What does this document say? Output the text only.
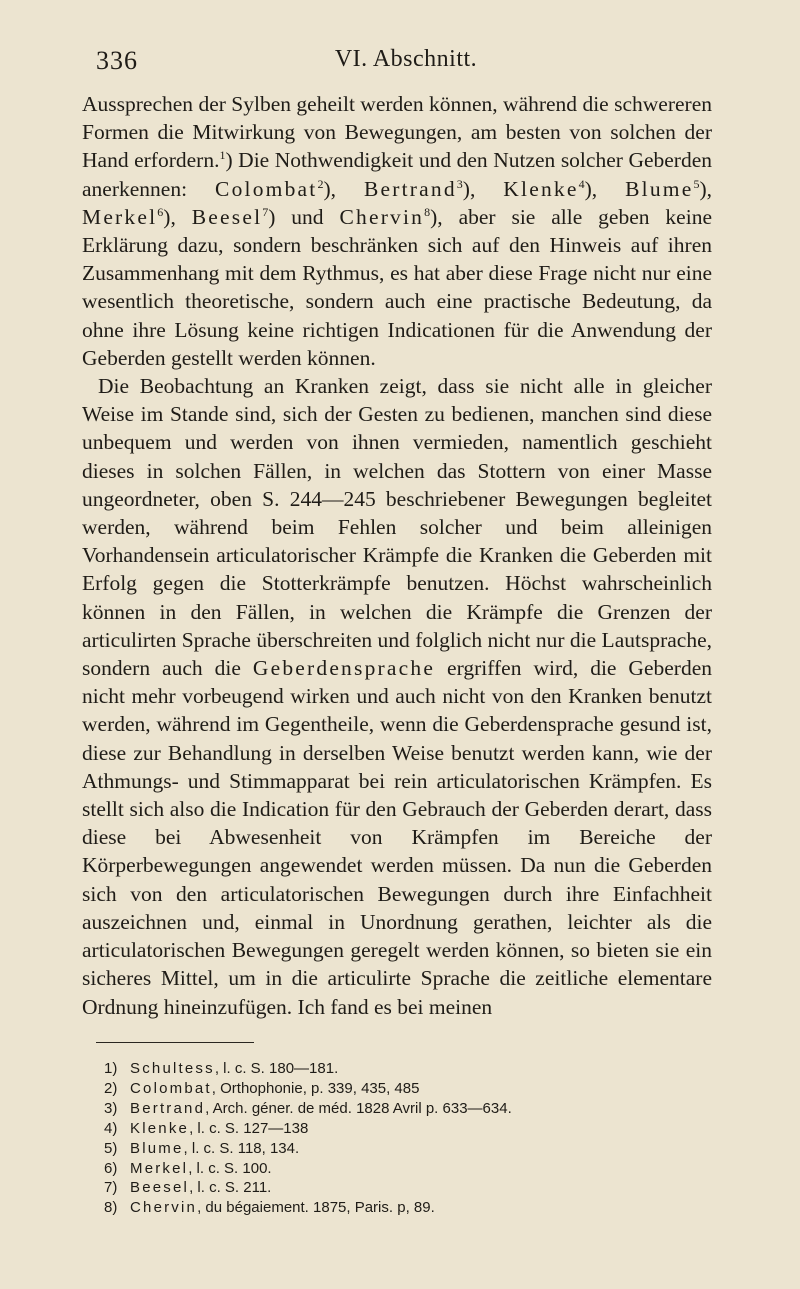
336	VI. Abschnitt.

Aussprechen der Sylben geheilt werden können, während die schwereren Formen die Mitwirkung von Bewegungen, am besten von solchen der Hand erfordern.$^1$) Die Nothwendigkeit und den Nutzen solcher Geberden anerkennen: Colombat$^2$), Bertrand$^3$), Klenke$^4$), Blume$^5$), Merkel$^6$), Beesel$^7$) und Chervin$^8$), aber sie alle geben keine Erklärung dazu, sondern beschränken sich auf den Hinweis auf ihren Zusammenhang mit dem Rythmus, es hat aber diese Frage nicht nur eine wesentlich theoretische, sondern auch eine practische Bedeutung, da ohne ihre Lösung keine richtigen Indicationen für die Anwendung der Geberden gestellt werden können.

Die Beobachtung an Kranken zeigt, dass sie nicht alle in gleicher Weise im Stande sind, sich der Gesten zu bedienen, manchen sind diese unbequem und werden von ihnen vermieden, namentlich geschieht dieses in solchen Fällen, in welchen das Stottern von einer Masse ungeordneter, oben S. 244—245 beschriebener Bewegungen begleitet werden, während beim Fehlen solcher und beim alleinigen Vorhandensein articulatorischer Krämpfe die Kranken die Geberden mit Erfolg gegen die Stotterkrämpfe benutzen. Höchst wahrscheinlich können in den Fällen, in welchen die Krämpfe die Grenzen der articulirten Sprache überschreiten und folglich nicht nur die Lautsprache, sondern auch die Geberdensprache ergriffen wird, die Geberden nicht mehr vorbeugend wirken und auch nicht von den Kranken benutzt werden, während im Gegentheile, wenn die Geberdensprache gesund ist, diese zur Behandlung in derselben Weise benutzt werden kann, wie der Athmungs- und Stimmapparat bei rein articulatorischen Krämpfen. Es stellt sich also die Indication für den Gebrauch der Geberden derart, dass diese bei Abwesenheit von Krämpfen im Bereiche der Körperbewegungen angewendet werden müssen. Da nun die Geberden sich von den articulatorischen Bewegungen durch ihre Einfachheit auszeichnen und, einmal in Unordnung gerathen, leichter als die articulatorischen Bewegungen geregelt werden können, so bieten sie ein sicheres Mittel, um in die articulirte Sprache die zeitliche elementare Ordnung hineinzufügen. Ich fand es bei meinen

1) Schultess, l. c. S. 180—181.
2) Colombat, Orthophonie, p. 339, 435, 485
3) Bertrand, Arch. géner. de méd. 1828 Avril p. 633—634.
4) Klenke, l. c. S. 127—138
5) Blume, l. c. S. 118, 134.
6) Merkel, l. c. S. 100.
7) Beesel, l. c. S. 211.
8) Chervin, du bégaiement. 1875, Paris. p, 89.
